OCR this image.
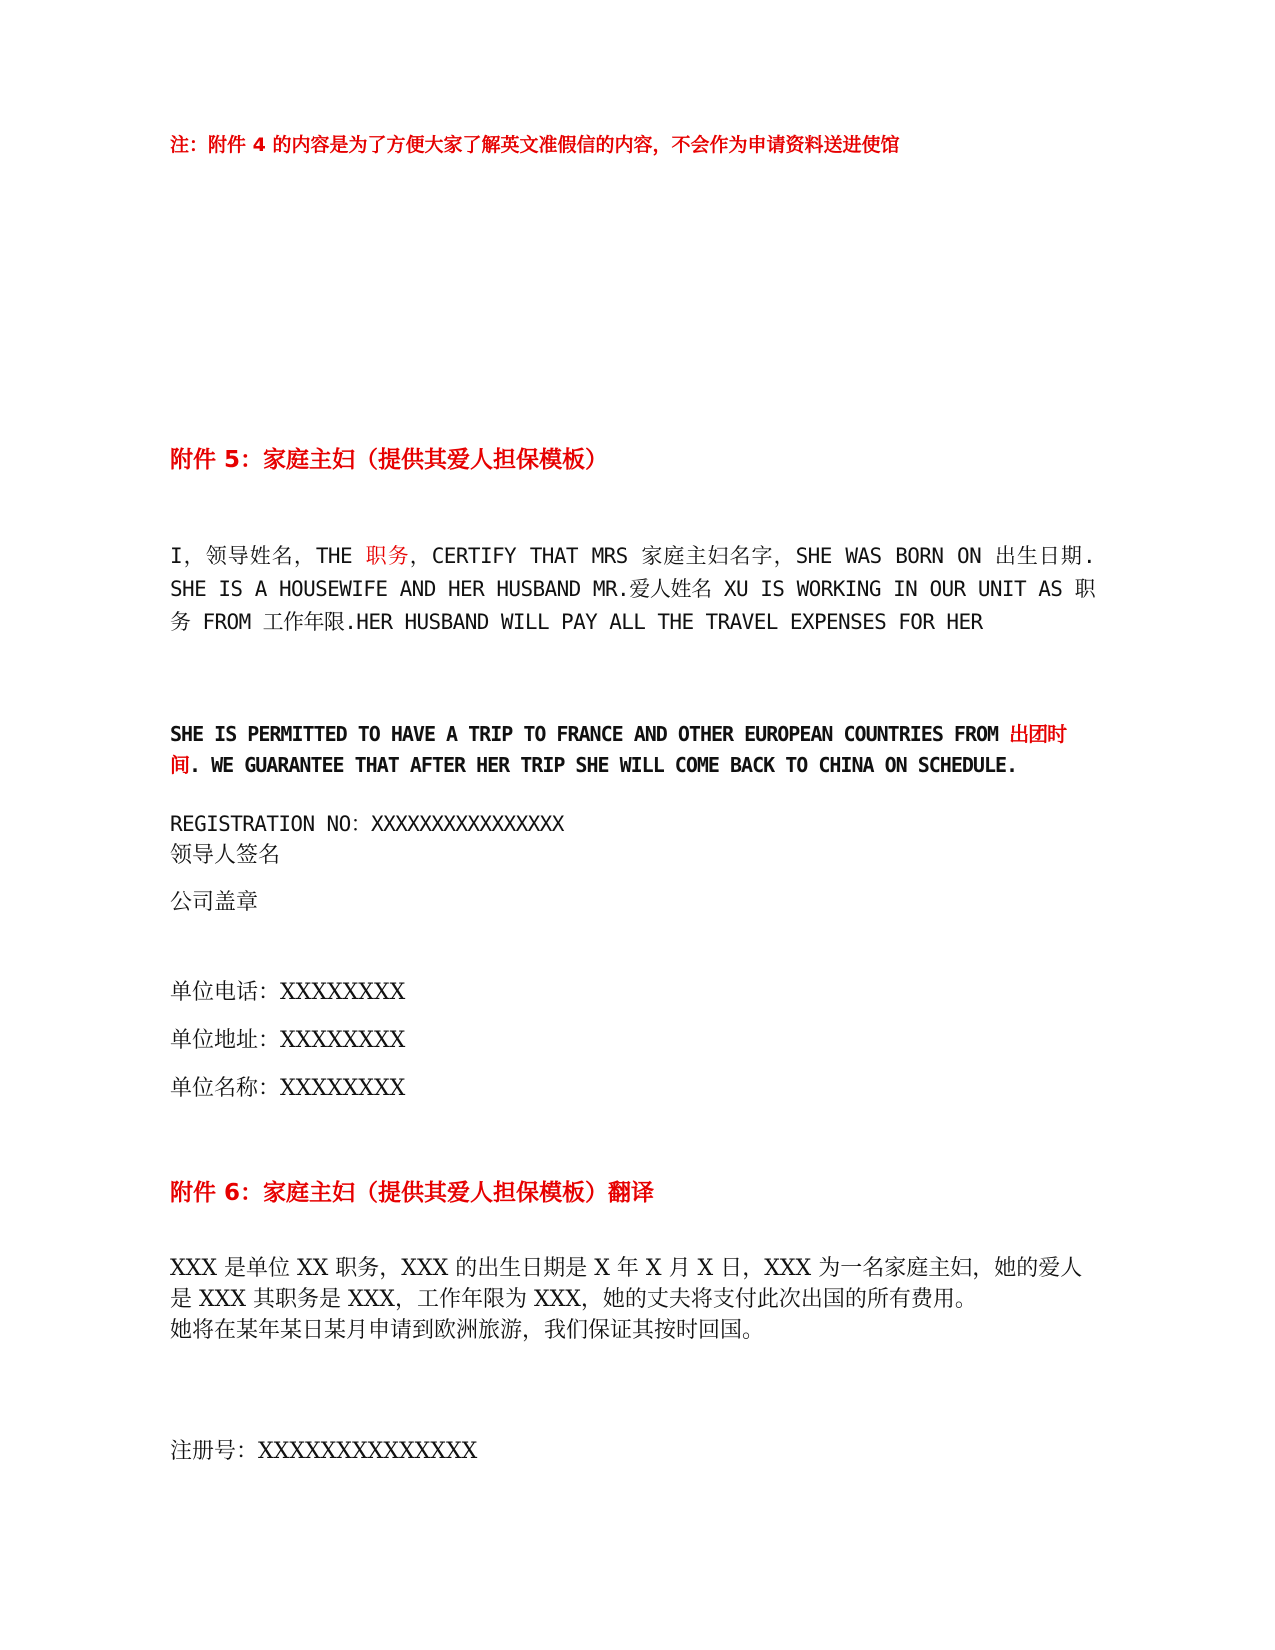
注：附件 4 的内容是为了方便大家了解英文准假信的内容，不会作为申请资料送进使馆

附件 5：家庭主妇（提供其爱人担保模板）

I，领导姓名，THE 职务，CERTIFY THAT MRS 家庭主妇名字，SHE WAS BORN ON 出生日期. SHE IS A HOUSEWIFE AND HER HUSBAND MR.爱人姓名 XU IS WORKING IN OUR UNIT AS 职务 FROM 工作年限.HER HUSBAND WILL PAY ALL THE TRAVEL EXPENSES FOR HER

SHE IS PERMITTED TO HAVE A TRIP TO FRANCE AND OTHER EUROPEAN COUNTRIES FROM 出团时间. WE GUARANTEE THAT AFTER HER TRIP SHE WILL COME BACK TO CHINA ON SCHEDULE.

REGISTRATION NO：XXXXXXXXXXXXXXXX

领导人签名

公司盖章

单位电话：XXXXXXXX

单位地址：XXXXXXXX

单位名称：XXXXXXXX

附件 6：家庭主妇（提供其爱人担保模板）翻译

XXX 是单位 XX 职务，XXX 的出生日期是 X 年 X 月 X 日，XXX 为一名家庭主妇，她的爱人是 XXX 其职务是 XXX，工作年限为 XXX，她的丈夫将支付此次出国的所有费用。
她将在某年某日某月申请到欧洲旅游，我们保证其按时回国。

注册号：XXXXXXXXXXXXXX
